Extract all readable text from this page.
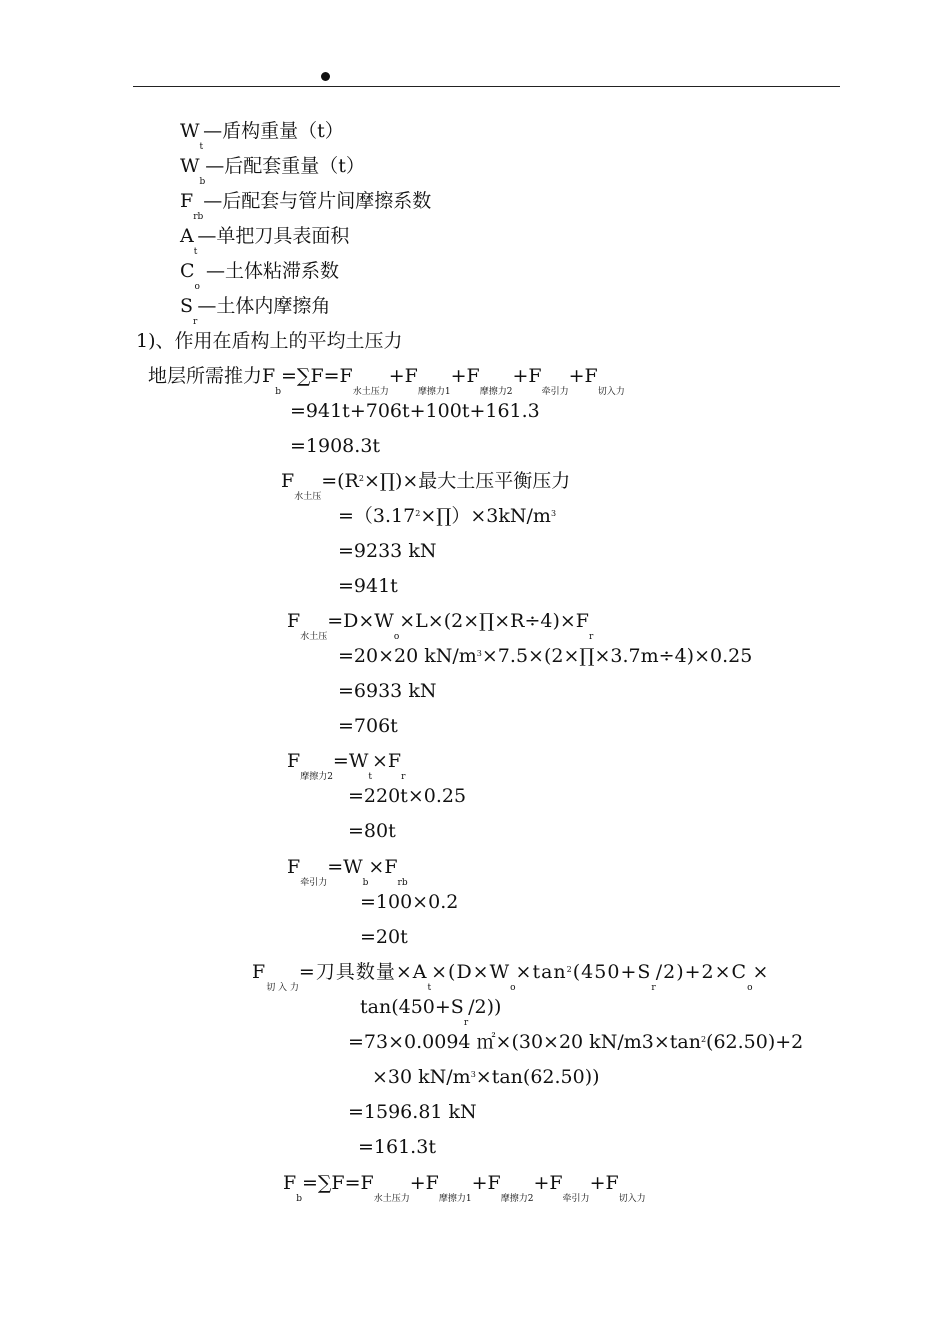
$W_t—$盾构重量（t）
$W_b—$后配套重量（t）
$F_{rb}—$后配套与管片间摩擦系数
$A_t—$单把刀具表面积
$C_o$ —土体粘滞系数
$S_r—$土体内摩擦角
1)、作用在盾构上的平均土压力
地层所需推力$F_b=\sum F=F_{水土压力}+F_{摩擦力1}+F_{摩擦力2}+F_{牵引力}+F_{切入力}$
=941t+706t+100t+161.3
=1908.3t
$F_{水土压}=(R^2\times\prod)\times$最大土压平衡压力
$=(3.17^2\times\prod)\times 3kN/m^3$
=9233 kN
=941t
$F_{水土压}=D\times W_o\times L\times(2\times\prod\times R\div 4)\times F_r$
=20×20 $kN/m^3\times 7.5\times(2\times\prod\times 3.7m\div 4)\times 0.25$
=6933 kN
=706t
$F_{摩擦力2}=W_t\times F_r$
=220t×0.25
=80t
$F_{牵引力}=W_b\times F_{rb}$
=100×0.2
=20t
$F_{切 入 力}=$刀具数量$\times A_t\times(D\times W_o\times\tan^2(450+S_r/2)+2\times C_o\times$
$\tan(450+S_r/2)$)
=73×0.0094 ㎡×(30×20 $kN/m3\times\tan^2(62.50)+2$
×30 $kN/m^3\times\tan(62.50)$)
=1596.81 kN
=161.3t
$F_b=\sum F=F_{水土压力}+F_{摩擦力1}+F_{摩擦力2}+F_{牵引力}+F_{切入力}$
